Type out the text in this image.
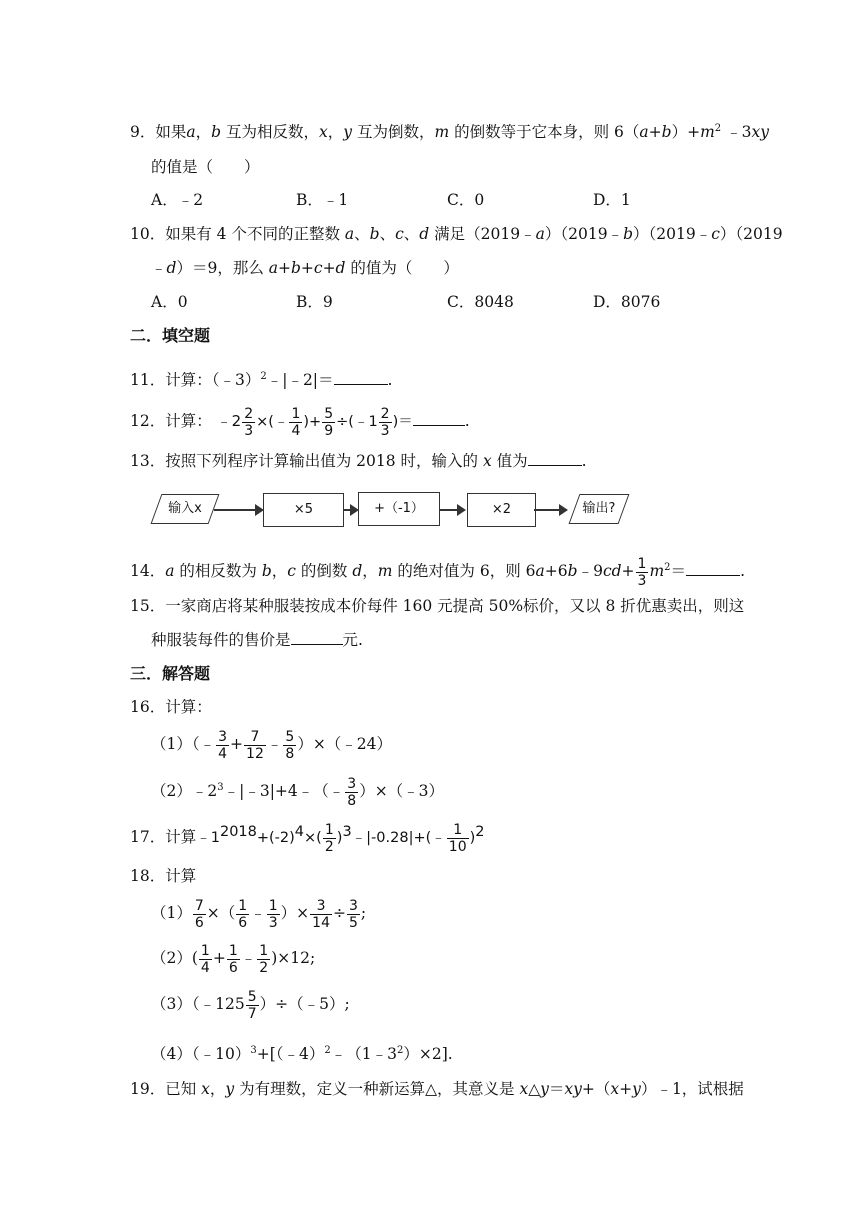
9．如果a，b 互为相反数，x，y 互为倒数，m 的倒数等于它本身，则 $6(a+b)+m^2$ ﹣3xy
的值是（　　）
A．﹣2	B．﹣1	C．0	D．1
10．如果有 4 个不同的正整数 a、b、c、d 满足（2019﹣a）（2019﹣b）（2019﹣c）（2019
﹣d）＝9，那么 a+b+c+d 的值为（　　）
A．0	B．9	C．8048	D．8076
二．填空题
11．计算：（﹣3）$^2$﹣|﹣2|＝	.
12．计算： ﹣2 $\frac{2}{3}$ ×(﹣ $\frac{1}{4}$ )+ $\frac{5}{9}$ ÷(﹣1 $\frac{2}{3}$ )＝	.
13．按照下列程序计算输出值为 2018 时，输入的 x 值为	.
输入x	×5	+（-1）	×2	输出?
14．a 的相反数为 b，c 的倒数 d，m 的绝对值为 6，则 6a+6b﹣9cd+ $\frac{1}{3} m^2=$	.
15．一家商店将某种服装按成本价每件 160 元提高 50%标价，又以 8 折优惠卖出，则这
种服装每件的售价是	元.
三．解答题
16．计算：
（1）（﹣ $\frac{3}{4} + \frac{7}{12}$ ﹣ $\frac{5}{8}$ ）×（﹣24）
$(2)﹣2^3﹣|﹣3|+4﹣(﹣ \frac{3}{8}$ ）×（﹣3）
17．计算$﹣1^{2018}+(-2)^4\times( \frac{1}{2}$ )$^3$﹣|-0.28|+(﹣ $\frac{1}{10} )^2$
18．计算
$(1) \frac{7}{6}$ ×（ $\frac{1}{6}$ ﹣ $\frac{1}{3}$ ）× $\frac{3}{14} \div \frac{3}{5}$ ;
$(2)( \frac{1}{4} + \frac{1}{6}$ ﹣ $\frac{1}{2} )\times 12$;
（3）（﹣125 $\frac{5}{7}$ ）÷（﹣5）;
$(4)(﹣10)^3+[(﹣4)^2﹣(1﹣3^2)\times 2]$.
19．已知 x，y 为有理数，定义一种新运算△，其意义是 x△y＝xy+（x+y）﹣1，试根据
